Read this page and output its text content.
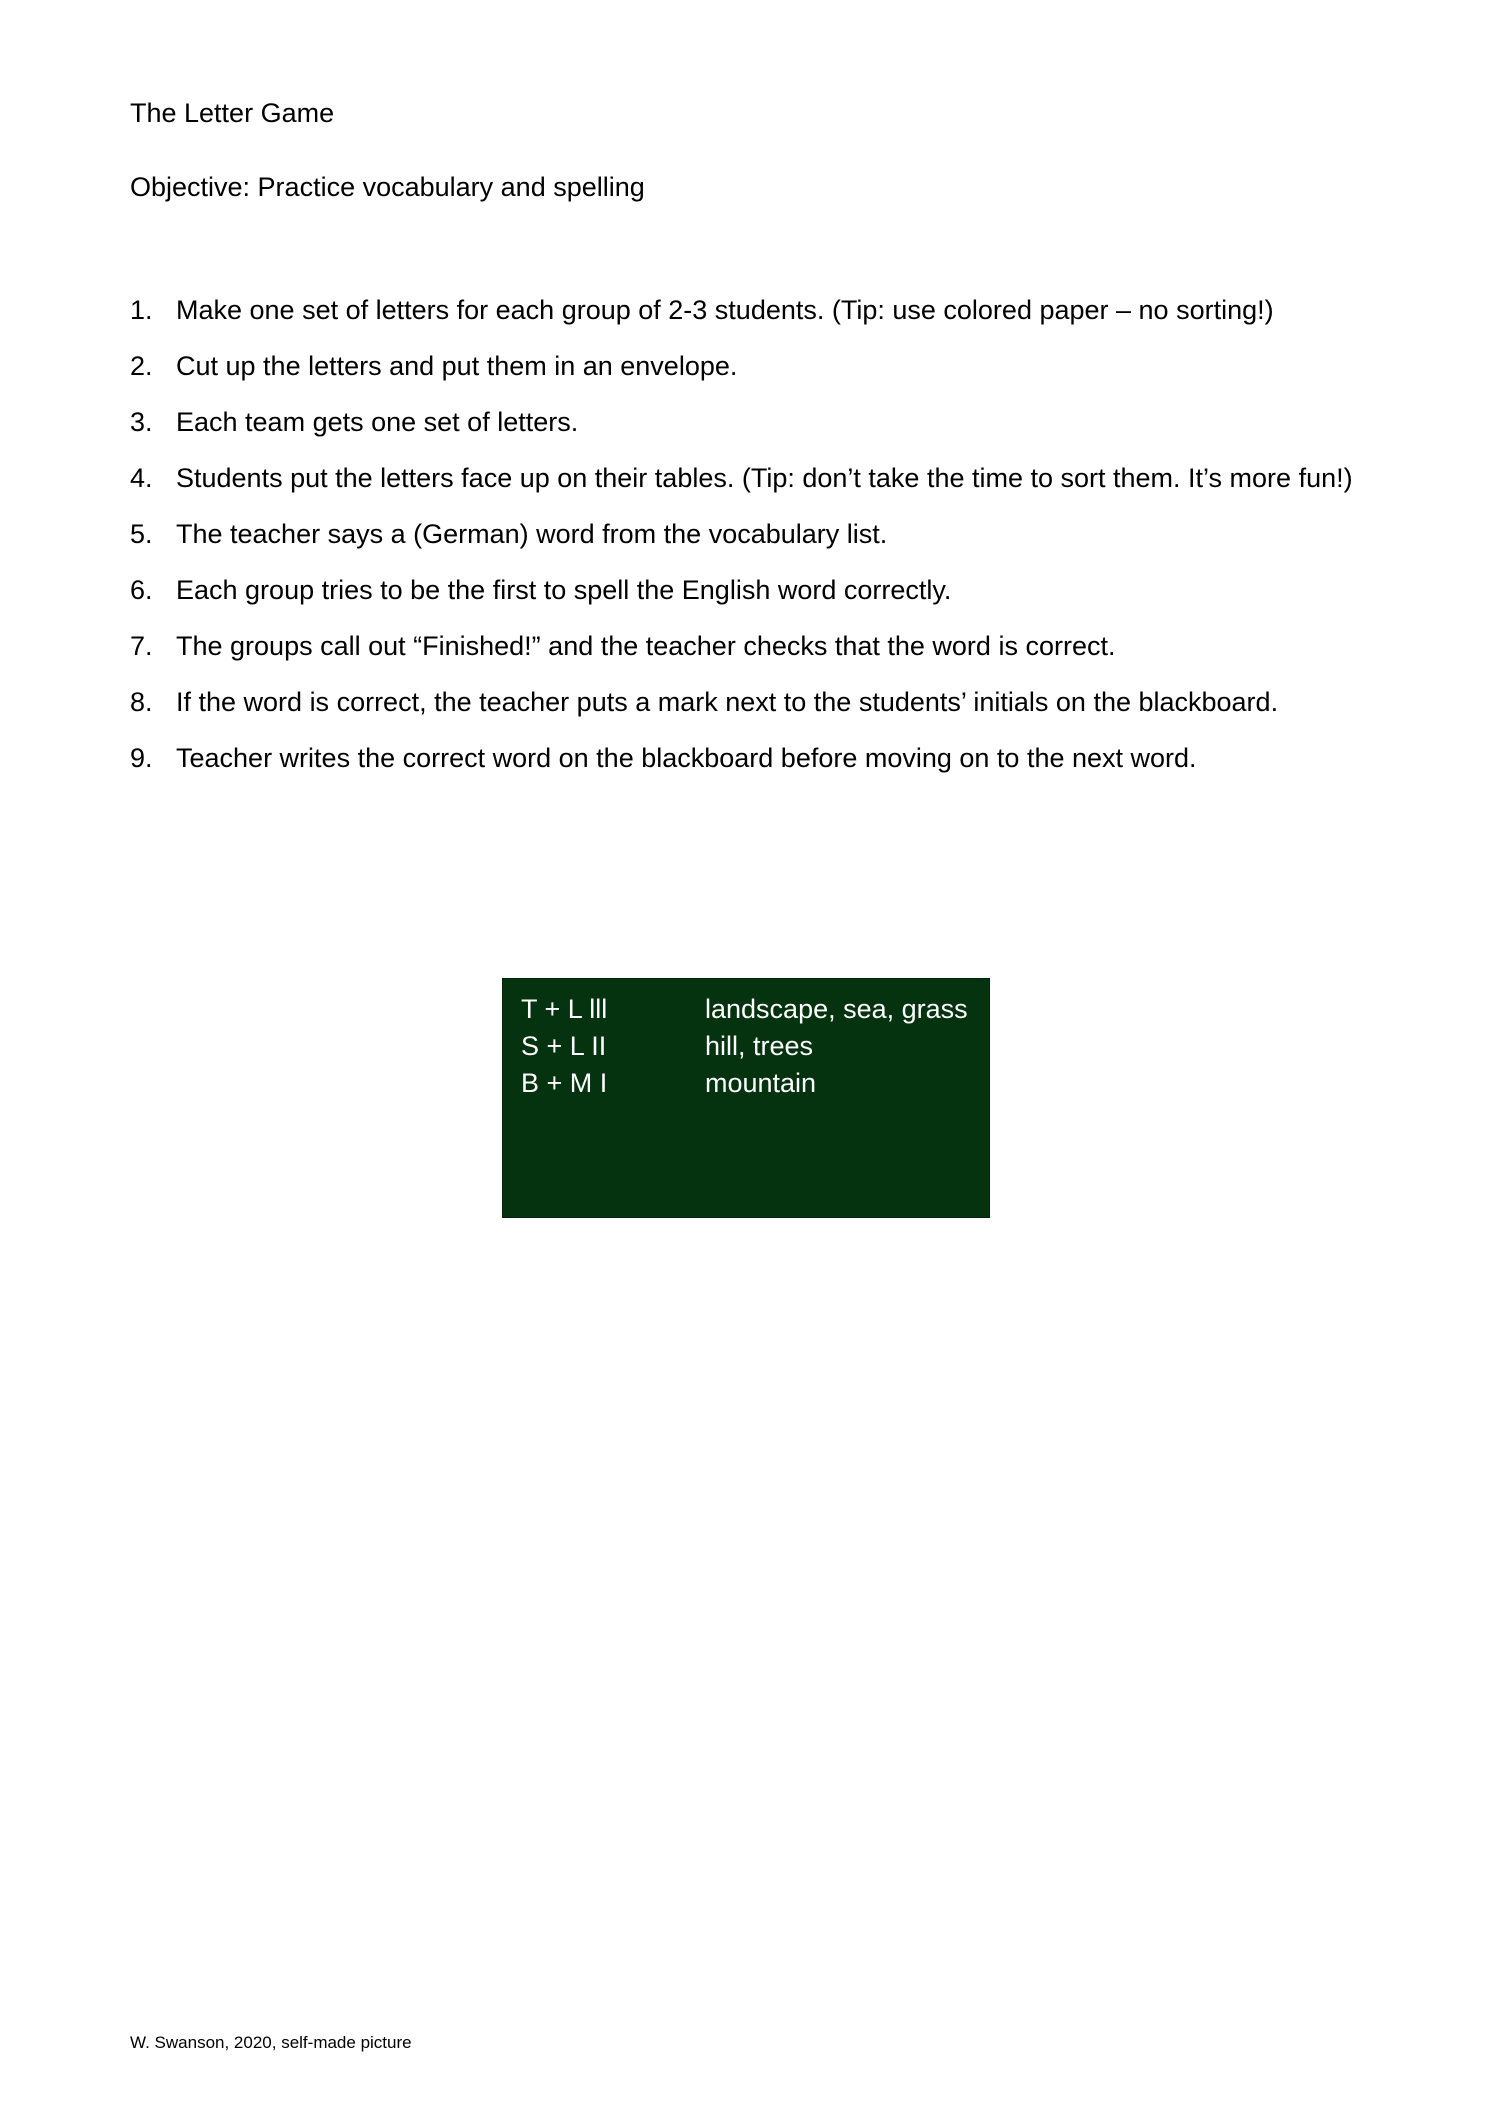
The Letter Game
Objective: Practice vocabulary and spelling
1. Make one set of letters for each group of 2-3 students. (Tip: use colored paper – no sorting!)
2. Cut up the letters and put them in an envelope.
3. Each team gets one set of letters.
4. Students put the letters face up on their tables. (Tip: don’t take the time to sort them. It’s more fun!)
5. The teacher says a (German) word from the vocabulary list.
6. Each group tries to be the first to spell the English word correctly.
7. The groups call out “Finished!” and the teacher checks that the word is correct.
8. If the word is correct, the teacher puts a mark next to the students’ initials on the blackboard.
9. Teacher writes the correct word on the blackboard before moving on to the next word.
T + L lll	landscape, sea, grass
S + L II	hill, trees
B + M I	mountain
W. Swanson, 2020, self-made picture
